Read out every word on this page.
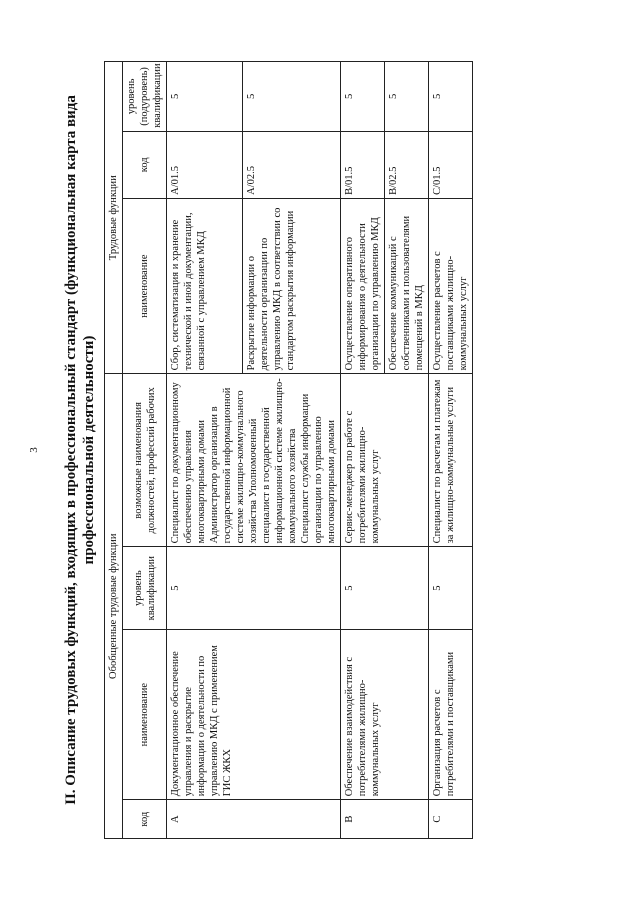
3 II. Описание трудовых функций, входящих в профессиональный стандарт (функциональная карта вида профессиональной деятельности)
Обобщенные трудовые функции				Трудовые функции		
код	наименование	уровень квалификации	возможные наименования должностей, профессий рабочих	наименование	код	уровень (подуровень) квалификации
A	Документационное обеспечение управления и раскрытие информации о деятельности по управлению МКД с применением ГИС ЖКХ	5	Специалист по документационному обеспечению управления многоквартирными домами Администратор организации в государственной информационной системе жилищно-коммунального хозяйства Уполномоченный специалист в государственной информационной системе жилищно-коммунального хозяйства Специалист службы информации организации по управлению многоквартирными домами	Сбор, систематизация и хранение технической и иной документации, связанной с управлением МКД	A/01.5	5
				Раскрытие информации о деятельности организации по управлению МКД в соответствии со стандартом раскрытия информации	A/02.5	5
B	Обеспечение взаимодействия с потребителями жилищно-коммунальных услуг	5	Сервис-менеджер по работе с потребителями жилищно-коммунальных услуг	Осуществление оперативного информирования о деятельности организации по управлению МКД	B/01.5	5
				Обеспечение коммуникаций с собственниками и пользователями помещений в МКД	B/02.5	5
C	Организация расчетов с потребителями и поставщиками	5	Специалист по расчетам и платежам за жилищно-коммунальные услуги	Осуществление расчетов с поставщиками жилищно-коммунальных услуг	C/01.5	5
